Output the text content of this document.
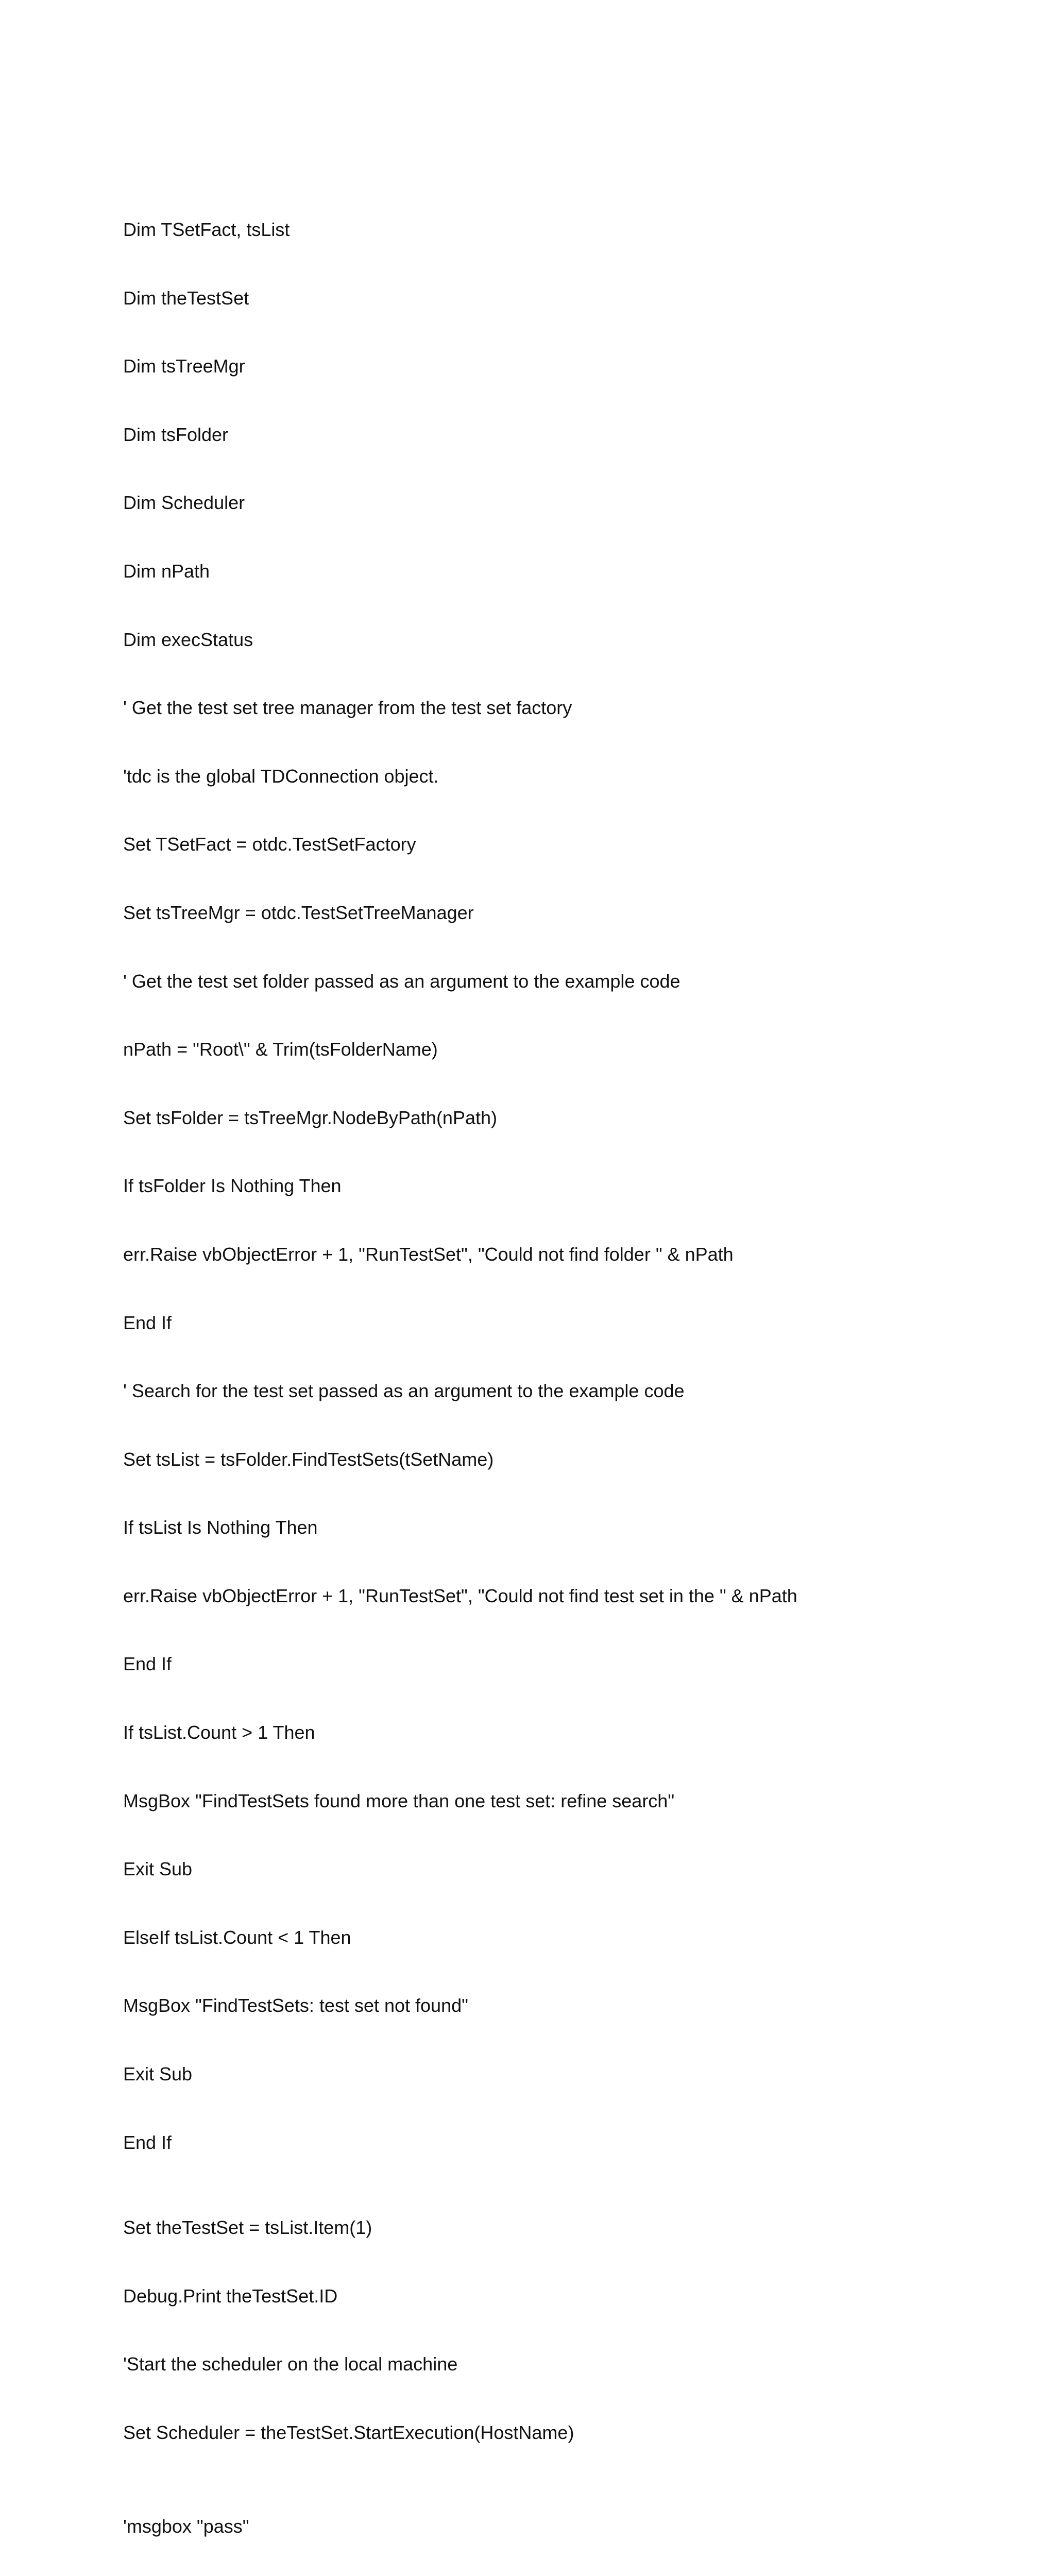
Dim TSetFact, tsList

Dim theTestSet

Dim tsTreeMgr

Dim tsFolder

Dim Scheduler

Dim nPath

Dim execStatus

' Get the test set tree manager from the test set factory

'tdc is the global TDConnection object.

Set TSetFact = otdc.TestSetFactory

Set tsTreeMgr = otdc.TestSetTreeManager

' Get the test set folder passed as an argument to the example code

nPath = "Root\" & Trim(tsFolderName)

Set tsFolder = tsTreeMgr.NodeByPath(nPath)

If tsFolder Is Nothing Then

err.Raise vbObjectError + 1, "RunTestSet", "Could not find folder " & nPath

End If

' Search for the test set passed as an argument to the example code

Set tsList = tsFolder.FindTestSets(tSetName)

If tsList Is Nothing Then

err.Raise vbObjectError + 1, "RunTestSet", "Could not find test set in the " & nPath

End If

If tsList.Count > 1 Then

MsgBox "FindTestSets found more than one test set: refine search"

Exit Sub

ElseIf tsList.Count < 1 Then

MsgBox "FindTestSets: test set not found"

Exit Sub

End If

Set theTestSet = tsList.Item(1)

Debug.Print theTestSet.ID

'Start the scheduler on the local machine

Set Scheduler = theTestSet.StartExecution(HostName)

'msgbox "pass"
